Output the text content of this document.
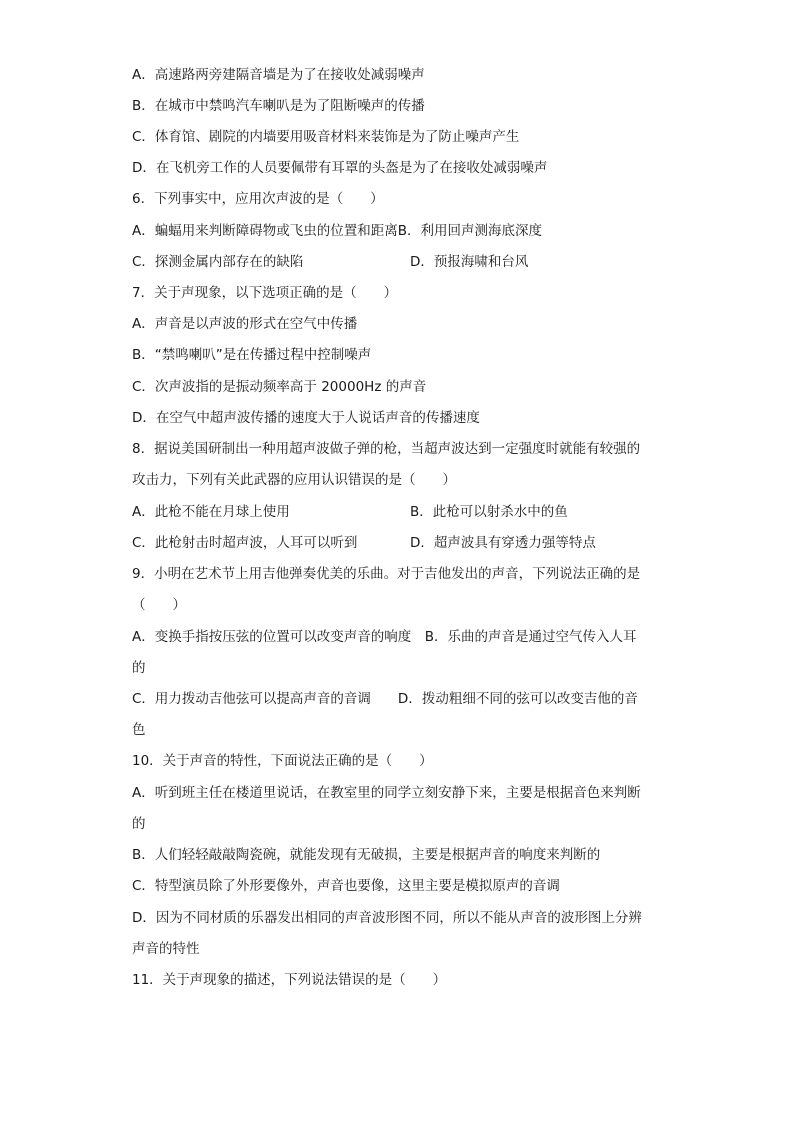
A．高速路两旁建隔音墙是为了在接收处减弱噪声
B．在城市中禁鸣汽车喇叭是为了阻断噪声的传播
C．体育馆、剧院的内墙要用吸音材料来装饰是为了防止噪声产生
D．在飞机旁工作的人员要佩带有耳罩的头盔是为了在接收处减弱噪声
6．下列事实中，应用次声波的是（　　）
A．蝙蝠用来判断障碍物或飞虫的位置和距离B．利用回声测海底深度
C．探测金属内部存在的缺陷	D．预报海啸和台风
7．关于声现象，以下选项正确的是（　　）
A．声音是以声波的形式在空气中传播
B．“禁鸣喇叭”是在传播过程中控制噪声
C．次声波指的是振动频率高于 20000Hz 的声音
D．在空气中超声波传播的速度大于人说话声音的传播速度
8．据说美国研制出一种用超声波做子弹的枪，当超声波达到一定强度时就能有较强的
攻击力，下列有关此武器的应用认识错误的是（　　）
A．此枪不能在月球上使用	B．此枪可以射杀水中的鱼
C．此枪射击时超声波，人耳可以听到	D．超声波具有穿透力强等特点
9．小明在艺术节上用吉他弹奏优美的乐曲。对于吉他发出的声音，下列说法正确的是
（　　）
A．变换手指按压弦的位置可以改变声音的响度　B．乐曲的声音是通过空气传入人耳
的
C．用力拨动吉他弦可以提高声音的音调　　D．拨动粗细不同的弦可以改变吉他的音
色
10．关于声音的特性，下面说法正确的是（　　）
A．听到班主任在楼道里说话，在教室里的同学立刻安静下来，主要是根据音色来判断
的
B．人们轻轻敲敲陶瓷碗，就能发现有无破损，主要是根据声音的响度来判断的
C．特型演员除了外形要像外，声音也要像，这里主要是模拟原声的音调
D．因为不同材质的乐器发出相同的声音波形图不同，所以不能从声音的波形图上分辨
声音的特性
11．关于声现象的描述，下列说法错误的是（　　）
